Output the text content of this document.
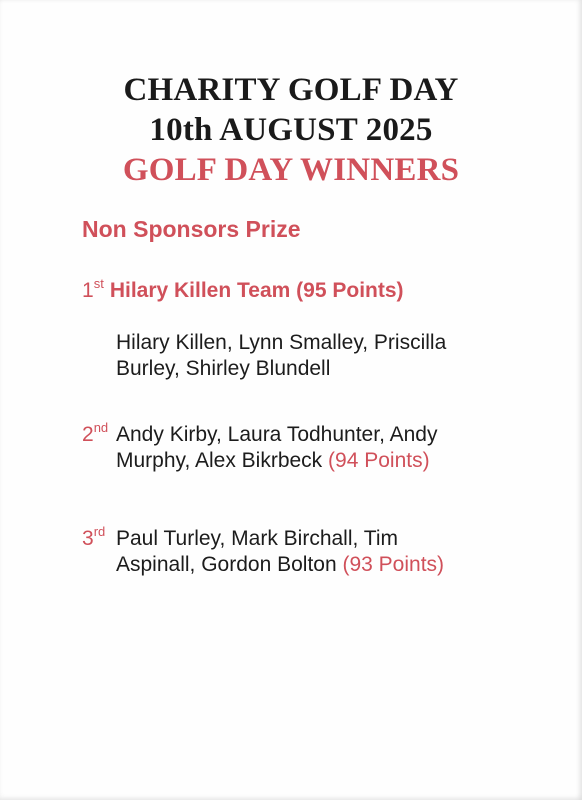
CHARITY GOLF DAY
10th AUGUST 2025
GOLF DAY WINNERS
Non Sponsors Prize
1st Hilary Killen Team (95 Points)
Hilary Killen, Lynn Smalley, Priscilla
Burley, Shirley Blundell
2nd Andy Kirby, Laura Todhunter, Andy
Murphy, Alex Bikrbeck (94 Points)
3rd Paul Turley, Mark Birchall, Tim
Aspinall, Gordon Bolton (93 Points)
